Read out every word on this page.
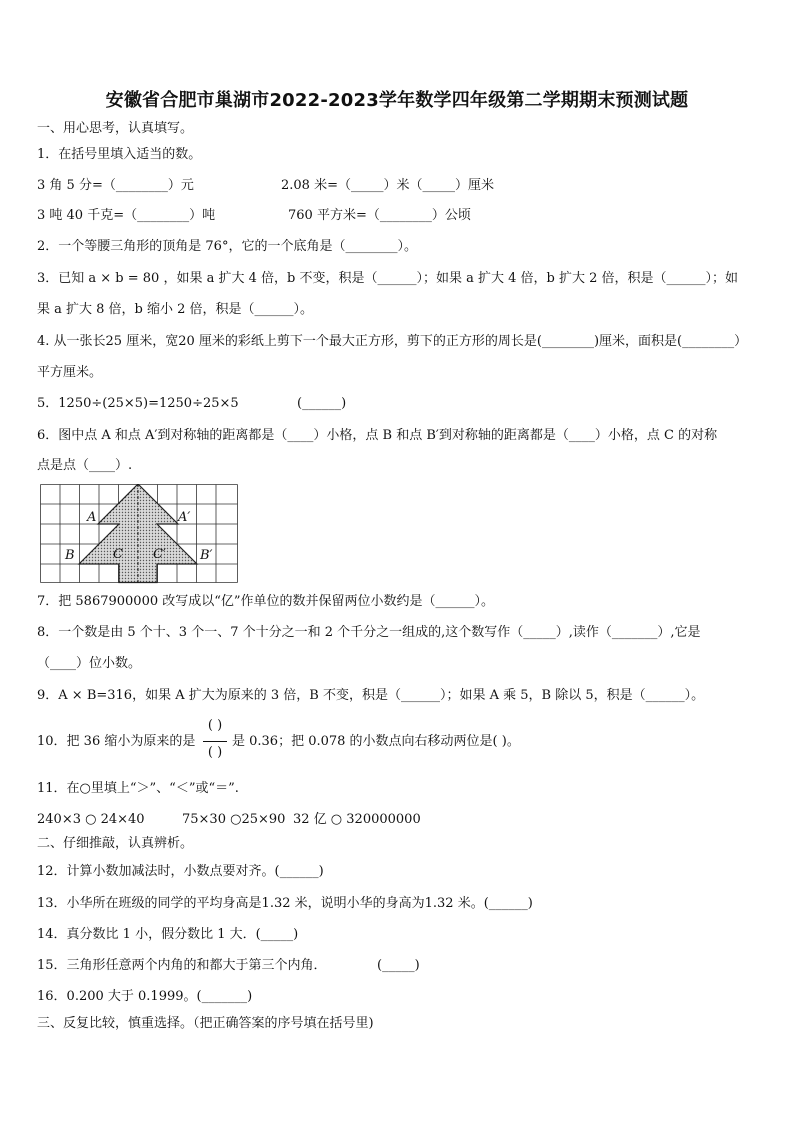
安徽省合肥市巢湖市2022-2023学年数学四年级第二学期期末预测试题
一、用心思考，认真填写。
1．在括号里填入适当的数。
3 角 5 分=（________）元	2.08 米=（_____）米（_____）厘米
3 吨 40 千克=（________）吨	760 平方米=（________）公顷
2．一个等腰三角形的顶角是 76°，它的一个底角是（________）。
3．已知 a × b = 80 ，如果 a 扩大 4 倍，b 不变，积是（______）；如果 a 扩大 4 倍，b 扩大 2 倍，积是（______）；如
果 a 扩大 8 倍，b 缩小 2 倍，积是（______）。
4. 从一张长25 厘米，宽20 厘米的彩纸上剪下一个最大正方形，剪下的正方形的周长是(________)厘米，面积是(________）
平方厘米。
5．1250÷(25×5)=1250÷25×5	(______)
6．图中点 A 和点 A′到对称轴的距离都是（____）小格，点 B 和点 B′到对称轴的距离都是（____）小格，点 C 的对称
点是点（____）.
A	A′
B	B′
C C′
7．把 5867900000 改写成以“亿”作单位的数并保留两位小数约是（______）。
8．一个数是由 5 个十、3 个一、7 个十分之一和 2 个千分之一组成的,这个数写作（_____）,读作（_______）,它是
（____）位小数。
9．A × B=316，如果 A 扩大为原来的 3 倍，B 不变，积是（______）；如果 A 乘 5，B 除以 5，积是（______）。
10．把 36 缩小为原来的是
( )
( )
是 0.36；把 0.078 的小数点向右移动两位是( )。
11．在○里填上“＞”、“＜”或“＝”.
240×3 ○ 24×40	75×30 ○25×90 32 亿 ○ 320000000
二、仔细推敲，认真辨析。
12．计算小数加减法时，小数点要对齐。(______)
13．小华所在班级的同学的平均身高是1.32 米，说明小华的身高为1.32 米。(______)
14．真分数比 1 小，假分数比 1 大．(_____)
15．三角形任意两个内角的和都大于第三个内角．	(_____)
16．0.200 大于 0.1999。(_______)
三、反复比较，慎重选择。（把正确答案的序号填在括号里)
